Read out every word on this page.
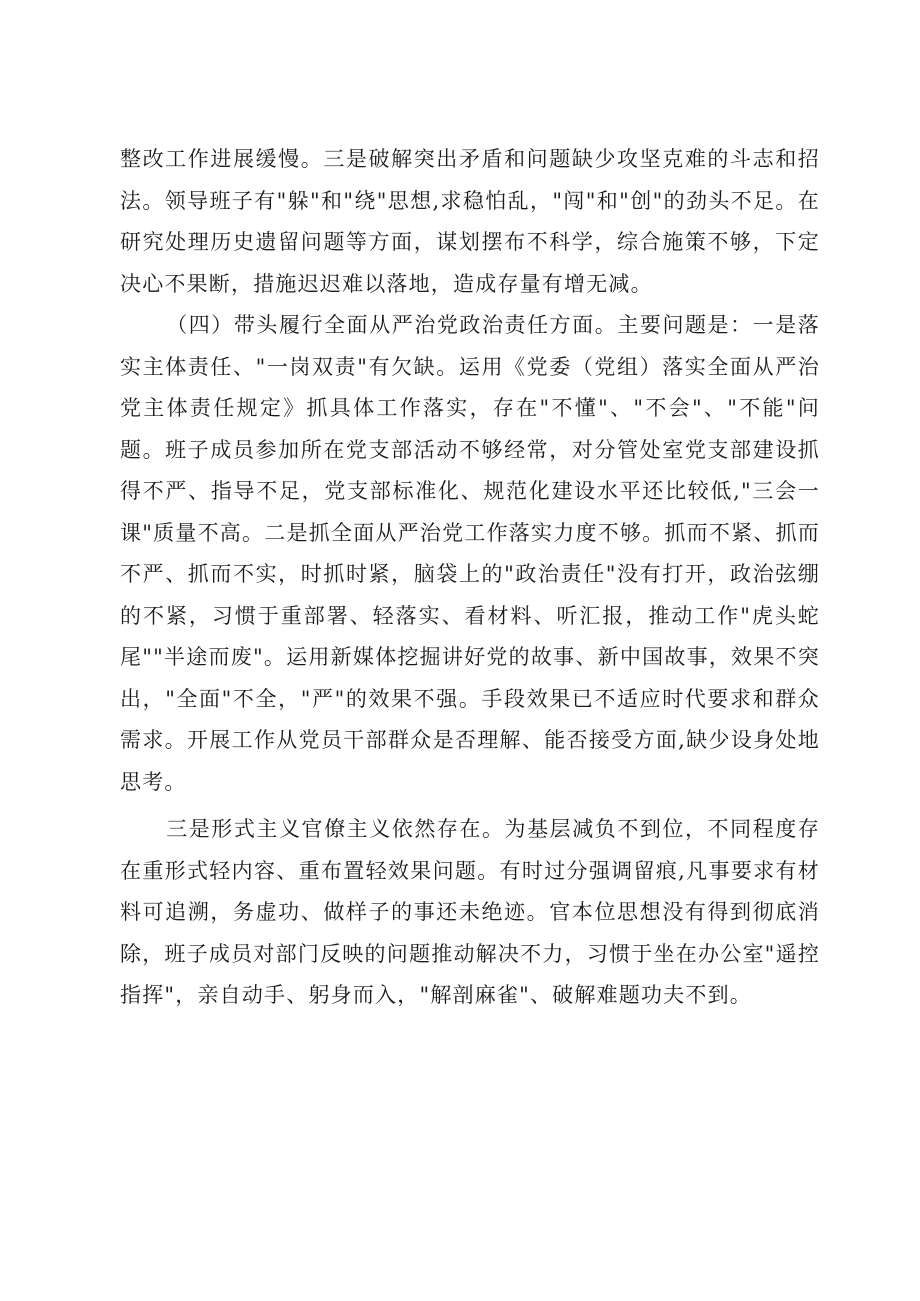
整改工作进展缓慢。三是破解突出矛盾和问题缺少攻坚克难的斗志和招法。领导班子有"躲"和"绕"思想,求稳怕乱，"闯"和"创"的劲头不足。在研究处理历史遗留问题等方面，谋划摆布不科学，综合施策不够，下定决心不果断，措施迟迟难以落地，造成存量有增无减。

（四）带头履行全面从严治党政治责任方面。主要问题是：一是落实主体责任、"一岗双责"有欠缺。运用《党委（党组）落实全面从严治党主体责任规定》抓具体工作落实，存在"不懂"、"不会"、"不能"问题。班子成员参加所在党支部活动不够经常，对分管处室党支部建设抓得不严、指导不足，党支部标准化、规范化建设水平还比较低,"三会一课"质量不高。二是抓全面从严治党工作落实力度不够。抓而不紧、抓而不严、抓而不实，时抓时紧，脑袋上的"政治责任"没有打开，政治弦绷的不紧，习惯于重部署、轻落实、看材料、听汇报，推动工作"虎头蛇尾""半途而废"。运用新媒体挖掘讲好党的故事、新中国故事，效果不突出，"全面"不全，"严"的效果不强。手段效果已不适应时代要求和群众需求。开展工作从党员干部群众是否理解、能否接受方面,缺少设身处地思考。

三是形式主义官僚主义依然存在。为基层减负不到位，不同程度存在重形式轻内容、重布置轻效果问题。有时过分强调留痕,凡事要求有材料可追溯，务虚功、做样子的事还未绝迹。官本位思想没有得到彻底消除，班子成员对部门反映的问题推动解决不力，习惯于坐在办公室"遥控指挥"，亲自动手、躬身而入，"解剖麻雀"、破解难题功夫不到。
